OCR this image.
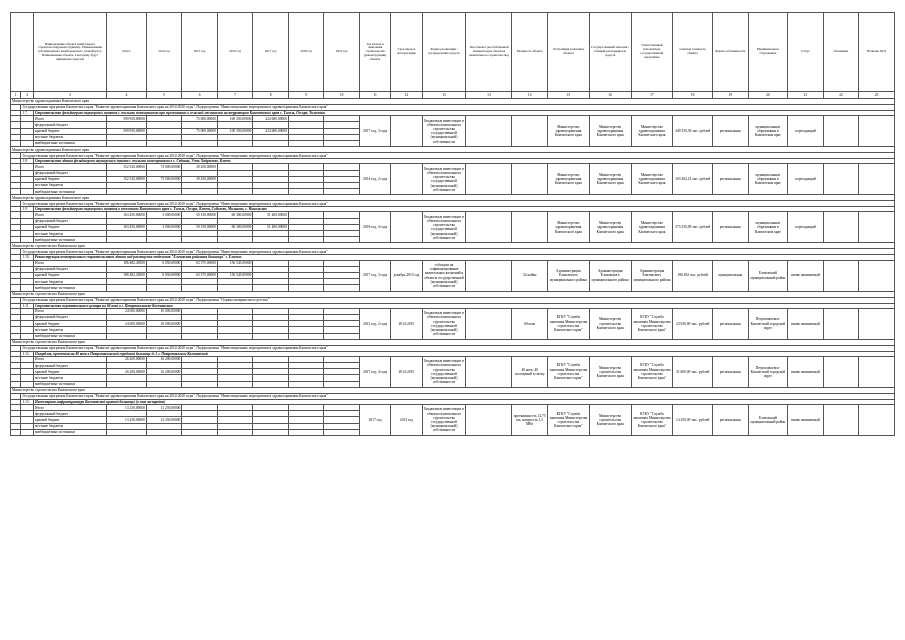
		Наименование объекта капитального строительства(реконструкции) / Наименование субсидии (иного межбюджетного трансферта) / Наименование объекта, к которому будут применены средства	Итого	2014 год	2015 год	2016 год	2017 год	2018 год	2019 год	Год начала и окончания строительства (реконструкции) объекта	Срок ввода в эксплуатацию	Форма реализации / распределения средств	Тип объекта (из обобщенной номенклатуры объектов капитального строительства)	Мощность объекта	Застройщик (заказчик) объекта	Государственный заказчик / главный распорядитель средств	Ответственный исполнитель государственной программы	Сметная стоимость объекта	Форма собственности	Муниципальное образование	Статус	Основание	Наличие ПСД
1	2	3	4	5	6	7	8	9	10	11	12	13	13	14	15	16	17	18	19	20	21	22	23
Министерство здравоохранения Камчатского края																							
	Государственная программа Камчатского края "Развитие здравоохранения Камчатского края на 2014-2020 годы", Подпрограмма "Инвестиционные мероприятия в здравоохранении Камчатского края"																						
	1.7.	Строительство фельдшерско-акушерских пунктов с жилыми помещениями при проживании в сельской местности на территории Камчатского края с. Тигиль, Оссора, Тиличики																					
		Итого	599 950,00000		75 000,00000	100 350,00000	224 600,00000			2017 год, 3 года		Бюджетные инвестиции в объекты капитального строительства государственной (муниципальной) собственности			Министерство здравоохранения Камчатского края	Министерство здравоохранения Камчатского края	Министерство здравоохранения Камчатского края	449 350,39 тыс. рублей	региональная	муниципальные образования в Камчатском крае	переходящий		
		федеральный бюджет																					
		краевой бюджет	599 950,00000		75 000,00000	100 350,00000	224 600,00000																
		местные бюджеты																					
		внебюджетные источники																					
Министерство здравоохранения Камчатского края																							
	Государственная программа Камчатского края "Развитие здравоохранения Камчатского края на 2014-2020 годы", Подпрограмма "Инвестиционные мероприятия в здравоохранении Камчатского края"																						
	1.8.	Строительство здания фельдшерско-акушерского пункта с жилыми помещениями в с. Седанка, Усть-Хайрюзово, Ключи																					
		Итого	152 330,00000	73 000,00000	39 250,00000					2014 год, 2 года		Бюджетные инвестиции в объекты капитального строительства государственной (муниципальной) собственности			Министерство здравоохранения Камчатского края	Министерство здравоохранения Камчатского края	Министерство здравоохранения Камчатского края	163 402,14 тыс. рублей	региональная	муниципальные образования в Камчатском крае	переходящий		
		федеральный бюджет																					
		краевой бюджет	152 330,00000	73 000,00000	39 250,00000																		
		местные бюджеты																					
		внебюджетные источники																					
Министерство здравоохранения Камчатского края																							
	Государственная программа Камчатского края "Развитие здравоохранения Камчатского края на 2014-2020 годы", Подпрограмма "Инвестиционные мероприятия в здравоохранении Камчатского края"																						
	1.9.	Строительство фельдшерско-акушерских пунктов в поселениях Камчатского края с. Тигиль, Оссора, Ключи, Соболево, Мильково, с. Никольское																					
		Итого	163 450,00000	3 000,00000	50 150,00000	60 300,00000	51 400,00000			2018 год, 4 года		Бюджетные инвестиции в объекты капитального строительства государственной (муниципальной) собственности			Министерство здравоохранения Камчатского края	Министерство здравоохранения Камчатского края	Министерство здравоохранения Камчатского края	373 350,09 тыс. рублей	региональная	муниципальные образования в Камчатском крае	переходящий		
		федеральный бюджет																					
		краевой бюджет	163 450,00000	3 000,00000	50 150,00000	60 300,00000	51 400,00000																
		местные бюджеты																					
		внебюджетные источники																					
Министерство строительства Камчатского края																							
	Государственная программа Камчатского края "Развитие здравоохранения Камчатского края на 2014-2020 годы", Подпрограмма "Инвестиционные мероприятия в здравоохранении Камчатского края"																						
	1.10.	Реконструкция незавершенного строительством здания под размещение отделения "Елизовская районная больница" г. Елизово																					
		Итого	186 482,45000	6 050,00000	63 375,00000	156 545,00000				2017 год, 3 года	декабрь 2015 год	субсидии на софинансирование капитальных вложений в объекты государственной (муниципальной) собственности		32 койки	Администрация Елизовского муниципального района	Администрация Елизовского муниципального района	Администрация Елизовского муниципального района	186 482 тыс. рублей	муниципальная	Елизовский муниципальный район	вновь начинаемый		
		федеральный бюджет																					
		краевой бюджет	186 482,45000	6 050,00000	63 375,00000	156 545,00000																	
		местные бюджеты																					
		внебюджетные источники																					
Министерство строительства Камчатского края																							
	Государственная программа Камчатского края "Развитие здравоохранения Камчатского края на 2014-2020 годы", Подпрограмма "Охрана материнства и детства"																						
	1.11.	Строительство перинатального центра на 60 коек в г. Петропавловске-Камчатском																					
		Итого	24 000,00000	10 000,00000						2015 год, 2 года	2014-2015	Бюджетные инвестиции в объекты капитального строительства государственной (муниципальной) собственности		60 коек	КГКУ "Служба заказчика Министерства строительства Камчатского края"	Министерство строительства Камчатского края	КГКУ "Служба заказчика Министерства строительства Камчатского края"	23 930,00 тыс. рублей	региональная	Петропавловск-Камчатский городской округ	вновь начинаемый		
		федеральный бюджет																					
		краевой бюджет	24 000,00000	10 000,00000																			
		местные бюджеты																					
		внебюджетные источники																					
Министерство строительства Камчатского края																							
	Государственная программа Камчатского края "Развитие здравоохранения Камчатского края на 2014-2020 годы", Подпрограмма "Инвестиционные мероприятия в здравоохранении Камчатского края"																						
	1.12.	Пищеблок, прачечная на 40 коек в Петропавловской городской больнице № 1 г. Петропавловск-Камчатский																					
		Итого	26 200,00000	16 200,00000						2017 год, 4 года	2014-2015	Бюджетные инвестиции в объекты капитального строительства государственной (муниципальной) собственности		40 коек, 40 посещений в смену	КГКУ "Служба заказчика Министерства строительства Камчатского края"	Министерство строительства Камчатского края	КГКУ "Служба заказчика Министерства строительства Камчатского края"	31 600,00 тыс. рублей	региональная	Петропавловск-Камчатский городской округ	вновь начинаемый		
		федеральный бюджет																					
		краевой бюджет	26 200,00000	16 200,00000																			
		местные бюджеты																					
		внебюджетные источники																					
Министерство строительства Камчатского края																							
	Государственная программа Камчатского края "Развитие здравоохранения Камчатского края на 2014-2020 годы", Подпрограмма "Инвестиционные мероприятия в здравоохранении Камчатского края"																						
	1.13.	Инженерная инфраструктура Камчатской краевой больницы (в зоне застройки)																					
		Итого	13 250,00000	13 250,00000						2017 год	2013 год	Бюджетные инвестиции в объекты капитального строительства государственной (муниципальной) собственности		протяженность 12,75 км, мощность 1,5 МВт	КГКУ "Служба заказчика Министерства строительства Камчатского края"	Министерство строительства Камчатского края	КГКУ "Служба заказчика Министерства строительства Камчатского края"	14 250,00 тыс. рублей	региональная	Елизовский муниципальный район	вновь начинаемый		
		федеральный бюджет																					
		краевой бюджет	13 250,00000	13 250,00000																			
		местные бюджеты																					
		внебюджетные источники																					
